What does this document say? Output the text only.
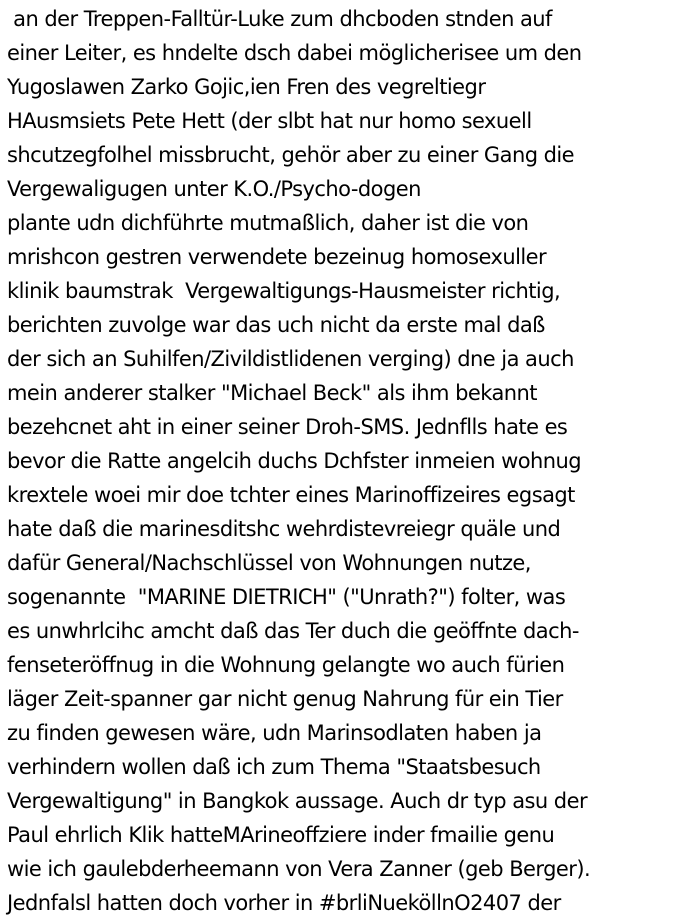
an der Treppen-Falltür-Luke zum dhcboden stnden auf
einer Leiter, es hndelte dsch dabei möglicherisee um den
Yugoslawen Zarko Gojic,ien Fren des vegreltiegr
HAusmsiets Pete Hett (der slbt hat nur homo sexuell
shcutzegfolhel missbrucht, gehör aber zu einer Gang die
Vergewaligugen unter K.O./Psycho-dogen
plante udn dichführte mutmaßlich, daher ist die von
mrishcon gestren verwendete bezeinug homosexuller
klinik baumstrak  Vergewaltigungs-Hausmeister richtig,
berichten zuvolge war das uch nicht da erste mal daß
der sich an Suhilfen/Zivildistlidenen verging) dne ja auch
mein anderer stalker "Michael Beck" als ihm bekannt
bezehcnet aht in einer seiner Droh-SMS. Jednflls hate es
bevor die Ratte angelcih duchs Dchfster inmeien wohnug
krextele woei mir doe tchter eines Marinoffizeires egsagt
hate daß die marinesditshc wehrdistevreiegr quäle und
dafür General/Nachschlüssel von Wohnungen nutze,
sogenannte  "MARINE DIETRICH" ("Unrath?") folter, was
es unwhrlcihc amcht daß das Ter duch die geöffnte dach-
fenseteröffnug in die Wohnung gelangte wo auch fürien
läger Zeit-spanner gar nicht genug Nahrung für ein Tier
zu finden gewesen wäre, udn Marinsodlaten haben ja
verhindern wollen daß ich zum Thema "Staatsbesuch
Vergewaltigung" in Bangkok aussage. Auch dr typ asu der
Paul ehrlich Klik hatteMArineoffziere inder fmailie genu
wie ich gaulebderheemann von Vera Zanner (geb Berger).
Jednfalsl hatten doch vorher in #brliNueköllnO2407 der
